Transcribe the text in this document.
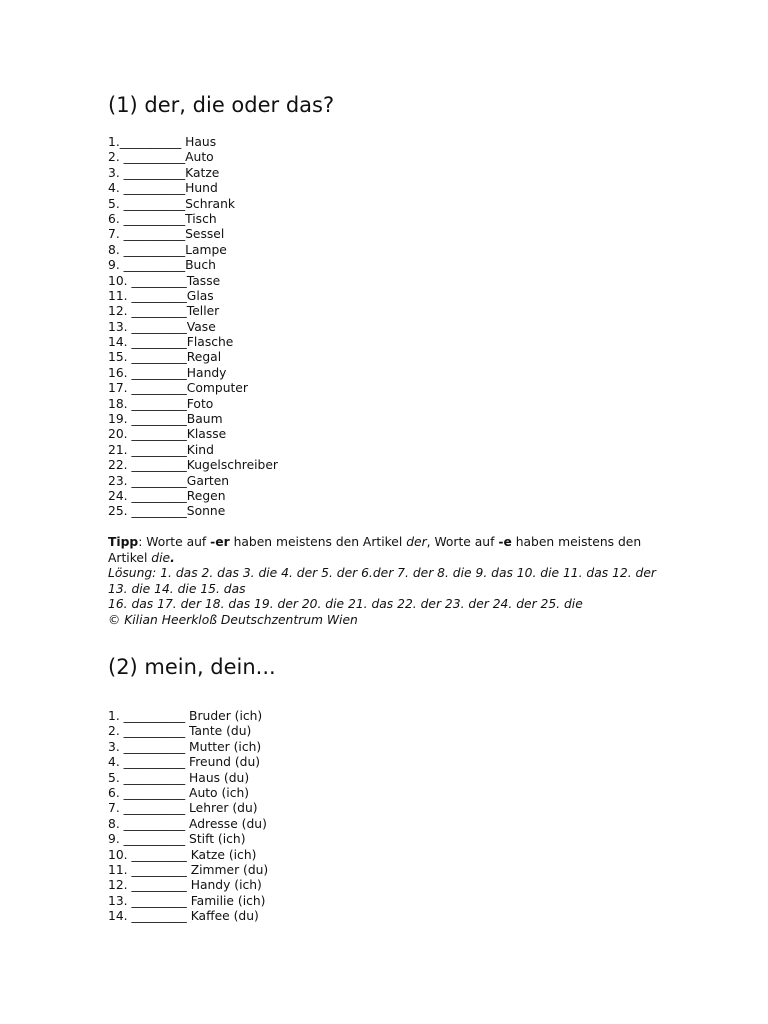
(1) der, die oder das?
1.__________ Haus
2. __________Auto
3. __________Katze
4. __________Hund
5. __________Schrank
6. __________Tisch
7. __________Sessel
8. __________Lampe
9. __________Buch
10. _________Tasse
11. _________Glas
12. _________Teller
13. _________Vase
14. _________Flasche
15. _________Regal
16. _________Handy
17. _________Computer
18. _________Foto
19. _________Baum
20. _________Klasse
21. _________Kind
22. _________Kugelschreiber
23. _________Garten
24. _________Regen
25. _________Sonne
Tipp: Worte auf -er haben meistens den Artikel der, Worte auf -e haben meistens den
Artikel die.
Lösung: 1. das 2. das 3. die 4. der 5. der 6.der 7. der 8. die 9. das 10. die 11. das 12. der
13. die 14. die 15. das
16. das 17. der 18. das 19. der 20. die 21. das 22. der 23. der 24. der 25. die
© Kilian Heerkloß Deutschzentrum Wien
(2) mein, dein...
1. __________ Bruder (ich)
2. __________ Tante (du)
3. __________ Mutter (ich)
4. __________ Freund (du)
5. __________ Haus (du)
6. __________ Auto (ich)
7. __________ Lehrer (du)
8. __________ Adresse (du)
9. __________ Stift (ich)
10. _________ Katze (ich)
11. _________ Zimmer (du)
12. _________ Handy (ich)
13. _________ Familie (ich)
14. _________ Kaffee (du)
